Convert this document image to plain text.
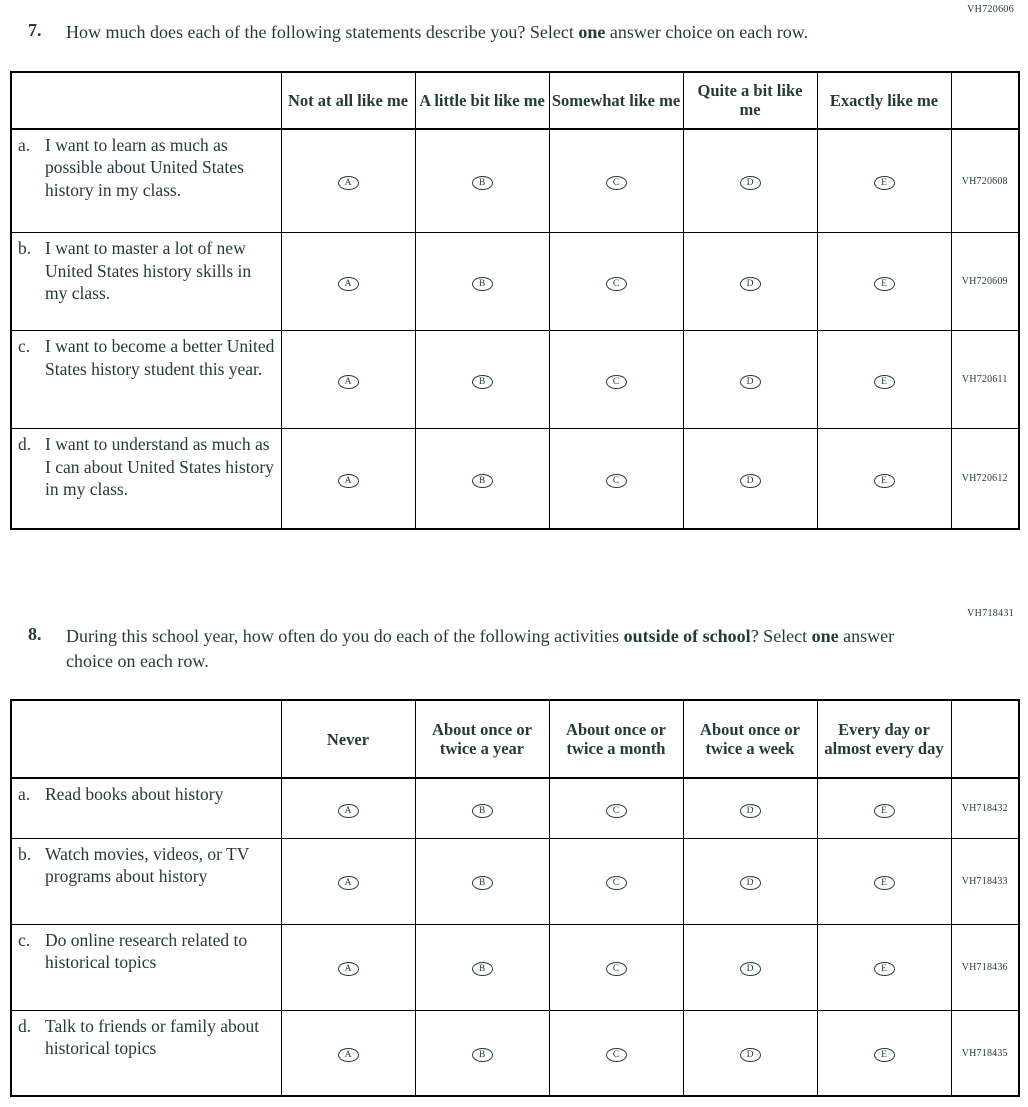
VH720606
7.	How much does each of the following statements describe you? Select one answer choice on each row.
	Not at all like me	A little bit like me	Somewhat like me	Quite a bit like me	Exactly like me	

a. I want to learn as much as possible about United States history in my class.	A	B	C	D	E	VH720608

b. I want to master a lot of new United States history skills in my class.	A	B	C	D	E	VH720609

c. I want to become a better United States history student this year.	A	B	C	D	E	VH720611

d. I want to understand as much as I can about United States history in my class.	A	B	C	D	E	VH720612
VH718431
8.	During this school year, how often do you do each of the following activities outside of school? Select one answer choice on each row.
	Never	About once or twice a year	About once or twice a month	About once or twice a week	Every day or almost every day	

a. Read books about history	A	B	C	D	E	VH718432

b. Watch movies, videos, or TV programs about history	A	B	C	D	E	VH718433

c. Do online research related to historical topics	A	B	C	D	E	VH718436

d. Talk to friends or family about historical topics	A	B	C	D	E	VH718435
